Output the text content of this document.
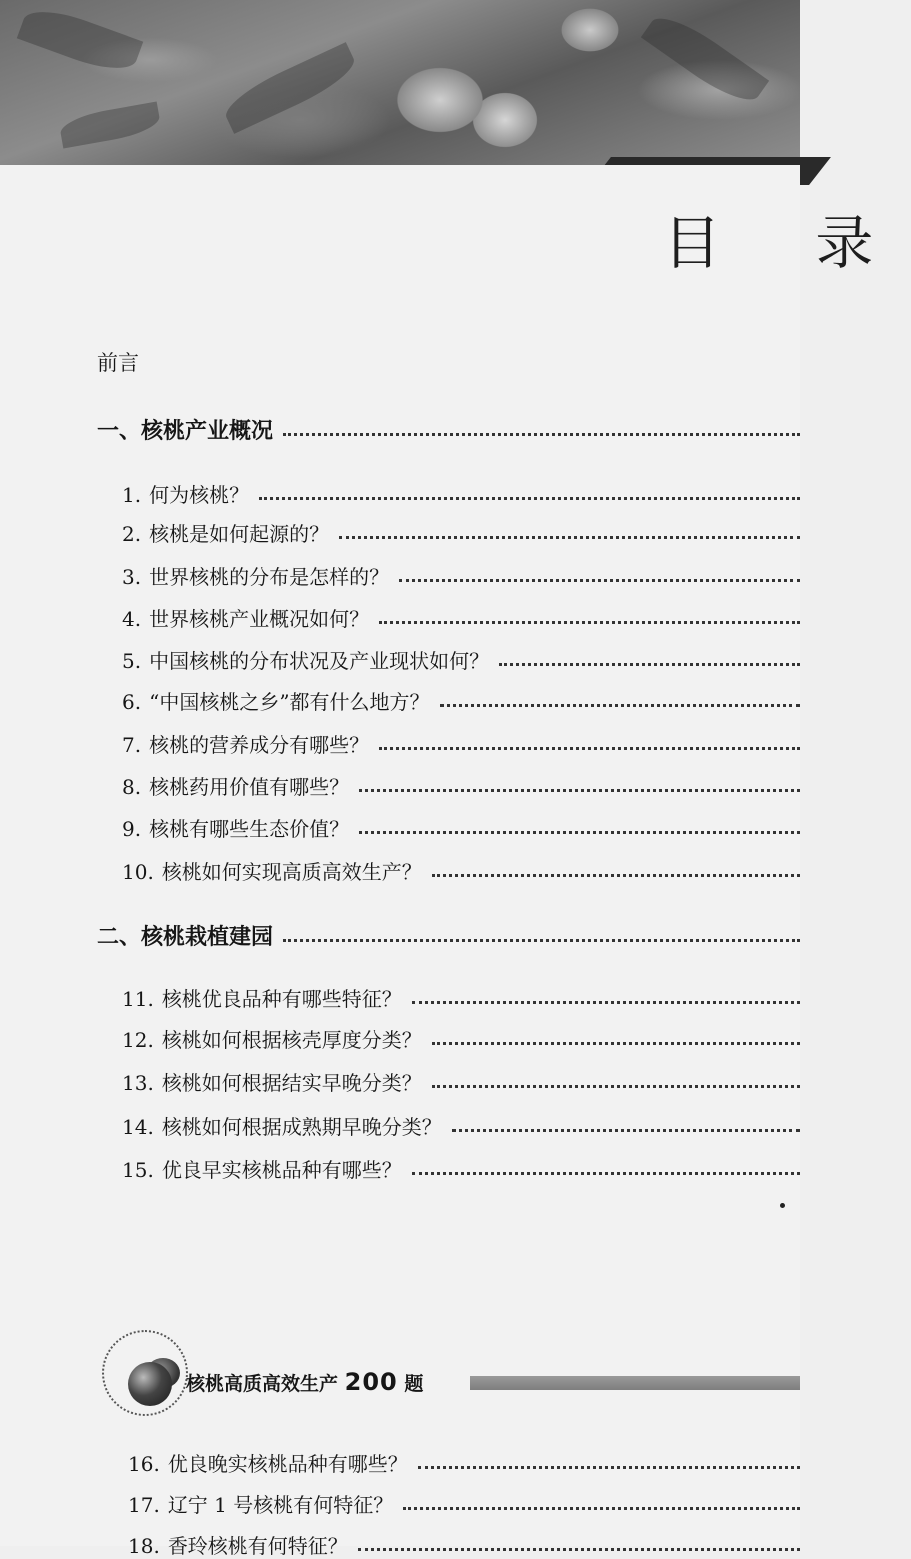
目 录
前言
一、核桃产业概况
1. 何为核桃？
2. 核桃是如何起源的？
3. 世界核桃的分布是怎样的？
4. 世界核桃产业概况如何？
5. 中国核桃的分布状况及产业现状如何？
6. “中国核桃之乡”都有什么地方？
7. 核桃的营养成分有哪些？
8. 核桃药用价值有哪些？
9. 核桃有哪些生态价值？
10. 核桃如何实现高质高效生产？
二、核桃栽植建园
11. 核桃优良品种有哪些特征？
12. 核桃如何根据核壳厚度分类？
13. 核桃如何根据结实早晚分类？
14. 核桃如何根据成熟期早晚分类？
15. 优良早实核桃品种有哪些？
核桃高质高效生产 200 题
16. 优良晚实核桃品种有哪些？
17. 辽宁 1 号核桃有何特征？
18. 香玲核桃有何特征？
